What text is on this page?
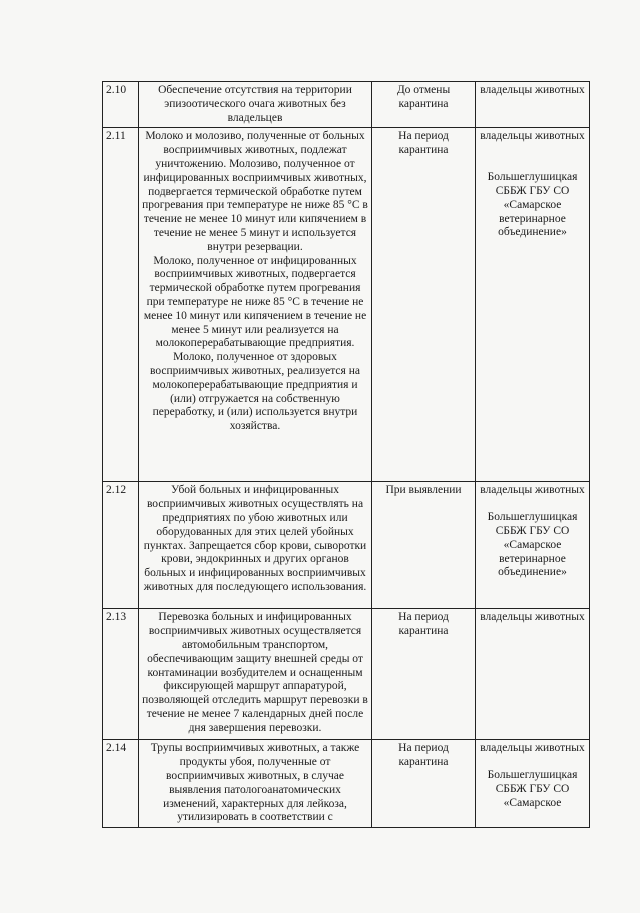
2.10	Обеспечение отсутствия на территории эпизоотического очага животных без владельцев	До отмены карантина	владельцы животных

2.11	Молоко и молозиво, полученные от больных восприимчивых животных, подлежат уничтожению. Молозиво, полученное от инфицированных восприимчивых животных, подвергается термической обработке путем прогревания при температуре не ниже 85 °С в течение не менее 10 минут или кипячением в течение не менее 5 минут и используется внутри резервации.
Молоко, полученное от инфицированных восприимчивых животных, подвергается термической обработке путем прогревания при температуре не ниже 85 °С в течение не менее 10 минут или кипячением в течение не менее 5 минут или реализуется на молокоперерабатывающие предприятия.
Молоко, полученное от здоровых восприимчивых животных, реализуется на молокоперерабатывающие предприятия и (или) отгружается на собственную переработку, и (или) используется внутри хозяйства.	На период карантина	владельцы животных
Большеглушицкая СББЖ ГБУ СО «Самарское ветеринарное объединение»

2.12	Убой больных и инфицированных восприимчивых животных осуществлять на предприятиях по убою животных или оборудованных для этих целей убойных пунктах. Запрещается сбор крови, сыворотки крови, эндокринных и других органов больных и инфицированных восприимчивых животных для последующего использования.	При выявлении	владельцы животных
Большеглушицкая СББЖ ГБУ СО «Самарское ветеринарное объединение»

2.13	Перевозка больных и инфицированных восприимчивых животных осуществляется автомобильным транспортом, обеспечивающим защиту внешней среды от контаминации возбудителем и оснащенным фиксирующей маршрут аппаратурой, позволяющей отследить маршрут перевозки в течение не менее 7 календарных дней после дня завершения перевозки.	На период карантина	владельцы животных

2.14	Трупы восприимчивых животных, а также продукты убоя, полученные от восприимчивых животных, в случае выявления патологоанатомических изменений, характерных для лейкоза, утилизировать в соответствии с	На период карантина	владельцы животных
Большеглушицкая СББЖ ГБУ СО «Самарское
